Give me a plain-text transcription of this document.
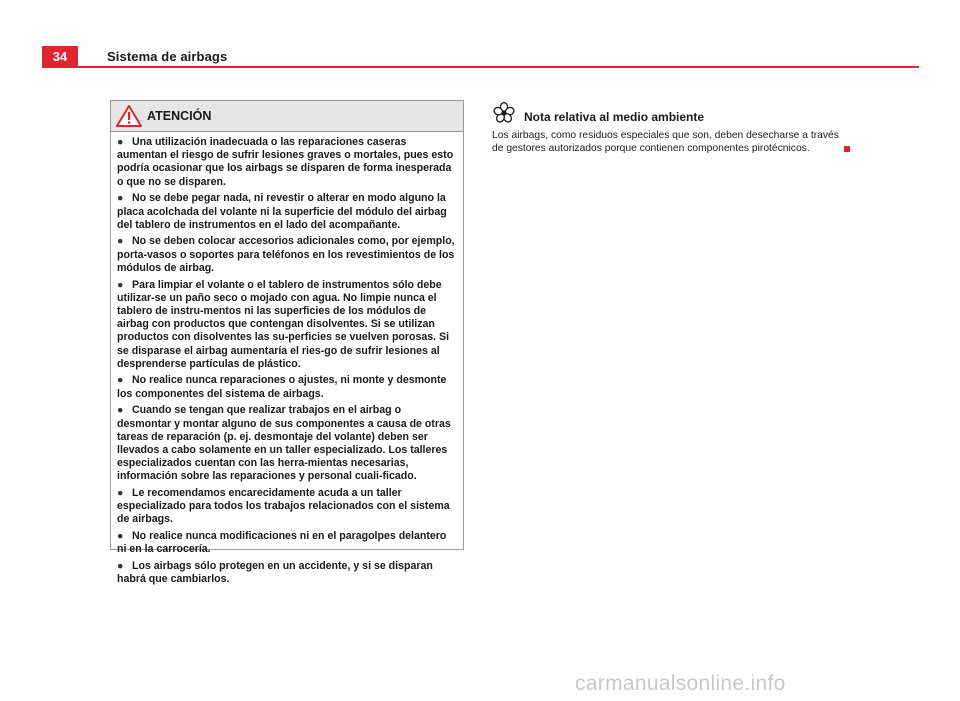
34	Sistema de airbags
ATENCIÓN
● Una utilización inadecuada o las reparaciones caseras aumentan el riesgo de sufrir lesiones graves o mortales, pues esto podría ocasionar que los airbags se disparen de forma inesperada o que no se disparen.
● No se debe pegar nada, ni revestir o alterar en modo alguno la placa acolchada del volante ni la superficie del módulo del airbag del tablero de instrumentos en el lado del acompañante.
● No se deben colocar accesorios adicionales como, por ejemplo, porta-vasos o soportes para teléfonos en los revestimientos de los módulos de airbag.
● Para limpiar el volante o el tablero de instrumentos sólo debe utilizar-se un paño seco o mojado con agua. No limpie nunca el tablero de instru-mentos ni las superficies de los módulos de airbag con productos que contengan disolventes. Si se utilizan productos con disolventes las su-perficies se vuelven porosas. Si se disparase el airbag aumentaría el ries-go de sufrir lesiones al desprenderse partículas de plástico.
● No realice nunca reparaciones o ajustes, ni monte y desmonte los componentes del sistema de airbags.
● Cuando se tengan que realizar trabajos en el airbag o desmontar y montar alguno de sus componentes a causa de otras tareas de reparación (p. ej. desmontaje del volante) deben ser llevados a cabo solamente en un taller especializado. Los talleres especializados cuentan con las herra-mientas necesarias, información sobre las reparaciones y personal cuali-ficado.
● Le recomendamos encarecidamente acuda a un taller especializado para todos los trabajos relacionados con el sistema de airbags.
● No realice nunca modificaciones ni en el paragolpes delantero ni en la carrocería.
● Los airbags sólo protegen en un accidente, y si se disparan habrá que cambiarlos.
Nota relativa al medio ambiente
Los airbags, como residuos especiales que son, deben desecharse a través de gestores autorizados porque contienen componentes pirotécnicos.
carmanualsonline.info
